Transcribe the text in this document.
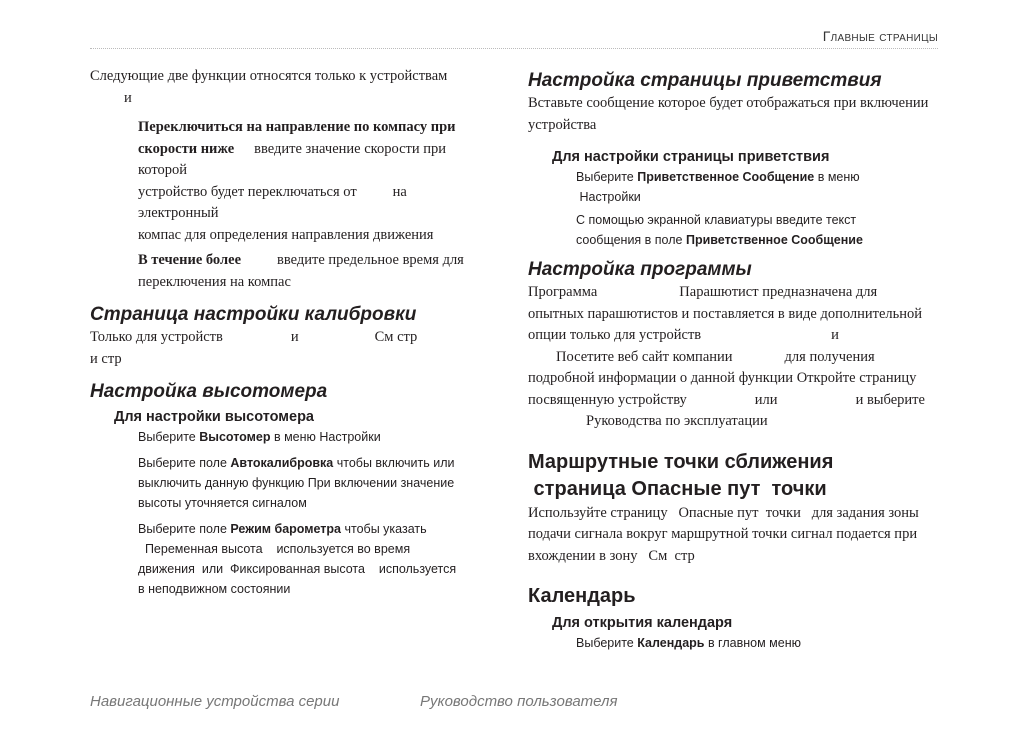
Главные страницы

Следующие две функции относятся только к устройствам

и

Переключиться на направление по компасу при

скорости ниже введите значение скорости при которой

устройство будет переключаться от на электронный

компас для определения направления движения

В течение более введите предельное время для

переключения на компас

Страница настройки калибровки

Только для устройств	и	См стр

и стр

Настройка высотомера
Для настройки высотомера

Выберите Высотомер в меню Настройки

Выберите поле Автокалибровка чтобы включить или

выключить данную функцию При включении значение

высоты уточняется сигналом

Выберите поле Режим барометра чтобы указать

Переменная высота    используется во время

движения  или  Фиксированная высота    используется

в неподвижном состоянии

Настройка страницы приветствия

Вставьте сообщение которое будет отображаться при включении

устройства

Для настройки страницы приветствия

Выберите Приветственное Сообщение в меню

Настройки

С помощью экранной клавиатуры введите текст

сообщения в поле Приветственное Сообщение

Настройка программы

Программа	Парашютист предназначена для

опытных парашютистов и поставляется в виде дополнительной

опции только для устройств	и

Посетите веб сайт компании	для получения

подробной информации о данной функции Откройте страницу

посвященную устройству	или	и выберите

Руководства по эксплуатации

Маршрутные точки сближения
страница Опасные пут  точки

Используйте страницу   Опасные пут  точки   для задания зоны

подачи сигнала вокруг маршрутной точки сигнал подается при

вхождении в зону   См  стр

Календарь
Для открытия календаря

Выберите Календарь в главном меню

Навигационные устройства серии	Руководство пользователя
